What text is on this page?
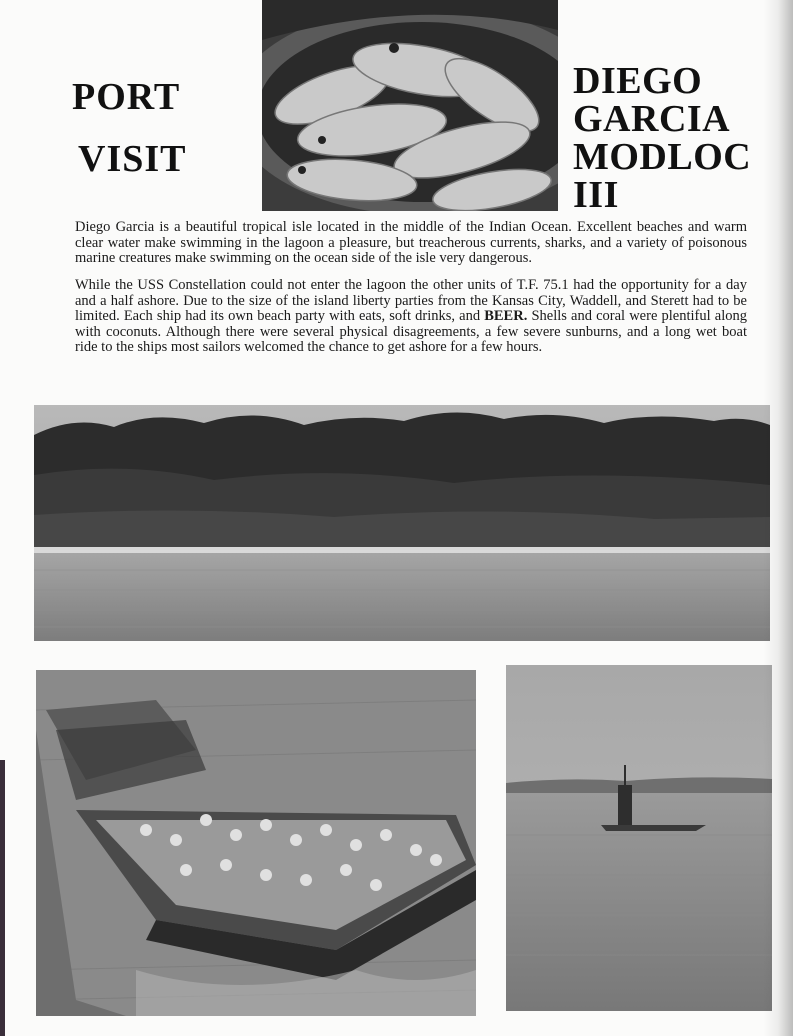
PORT
VISIT
DIEGO
GARCIA
MODLOC
III

Diego Garcia is a beautiful tropical isle located in the middle of the Indian Ocean. Excellent beaches and warm clear water make swimming in the lagoon a pleasure, but treacherous currents, sharks, and a variety of poisonous marine creatures make swimming on the ocean side of the isle very dangerous.

While the USS Constellation could not enter the lagoon the other units of T.F. 75.1 had the opportunity for a day and a half ashore. Due to the size of the island liberty parties from the Kansas City, Waddell, and Sterett had to be limited. Each ship had its own beach party with eats, soft drinks, and BEER. Shells and coral were plentiful along with coconuts. Although there were several physical disagreements, a few severe sunburns, and a long wet boat ride to the ships most sailors welcomed the chance to get ashore for a few hours.
